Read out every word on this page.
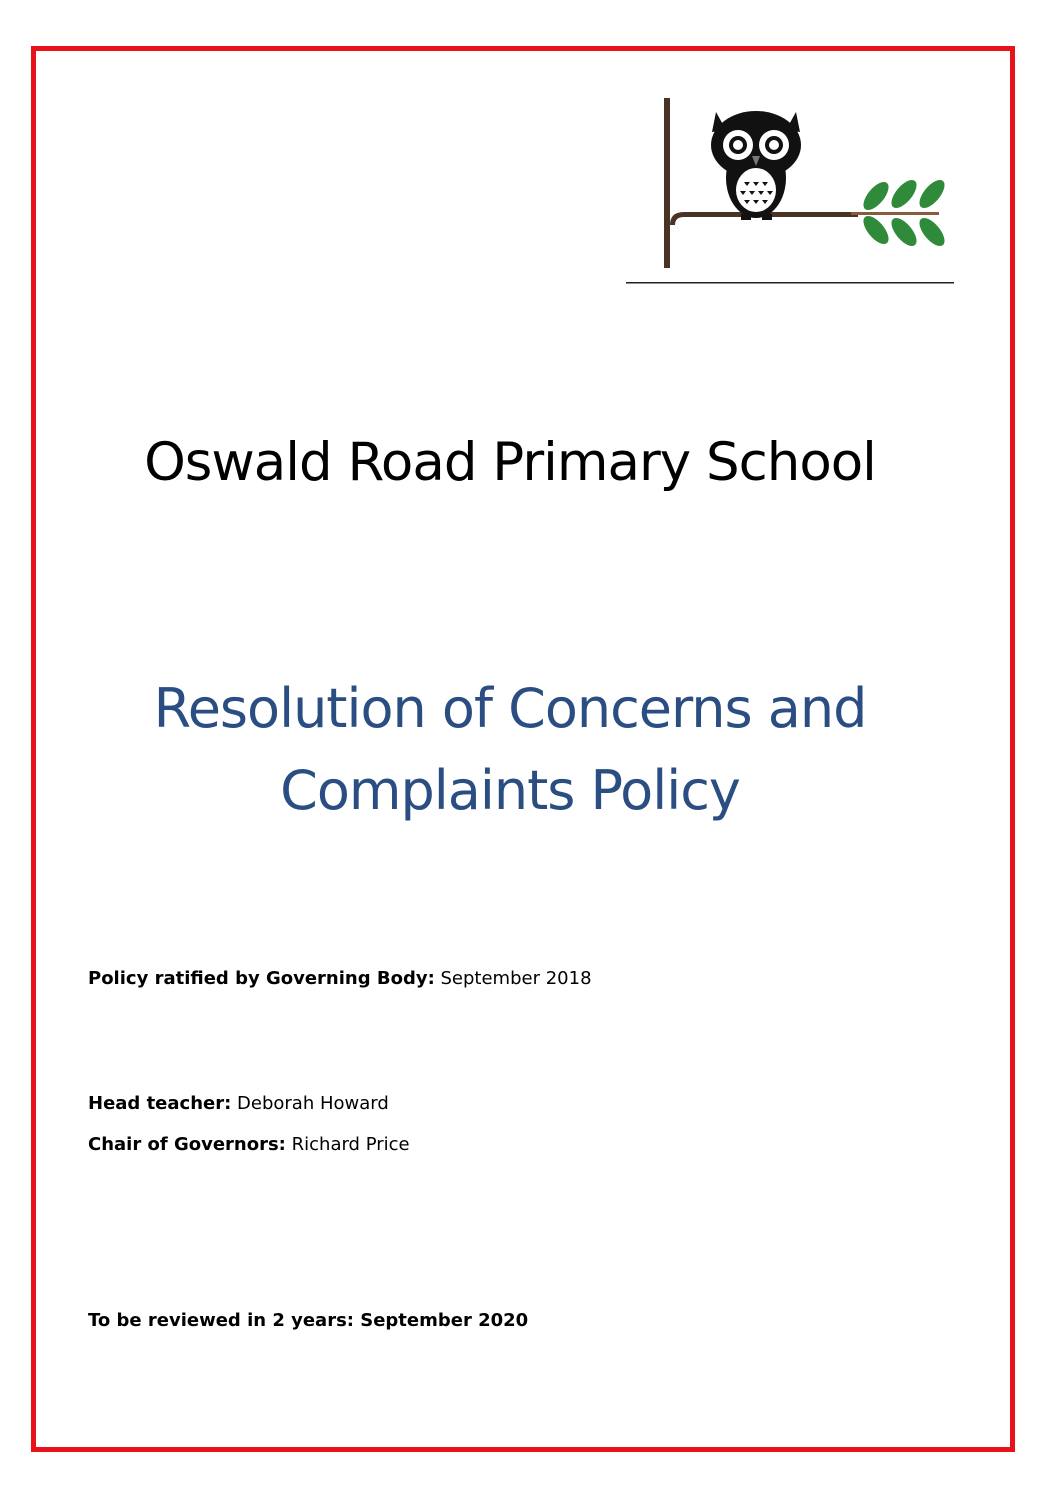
Oswald Road Primary School
Resolution of Concerns and
Complaints Policy
Policy ratified by Governing Body: September 2018
Head teacher: Deborah Howard
Chair of Governors: Richard Price
To be reviewed in 2 years: September 2020
